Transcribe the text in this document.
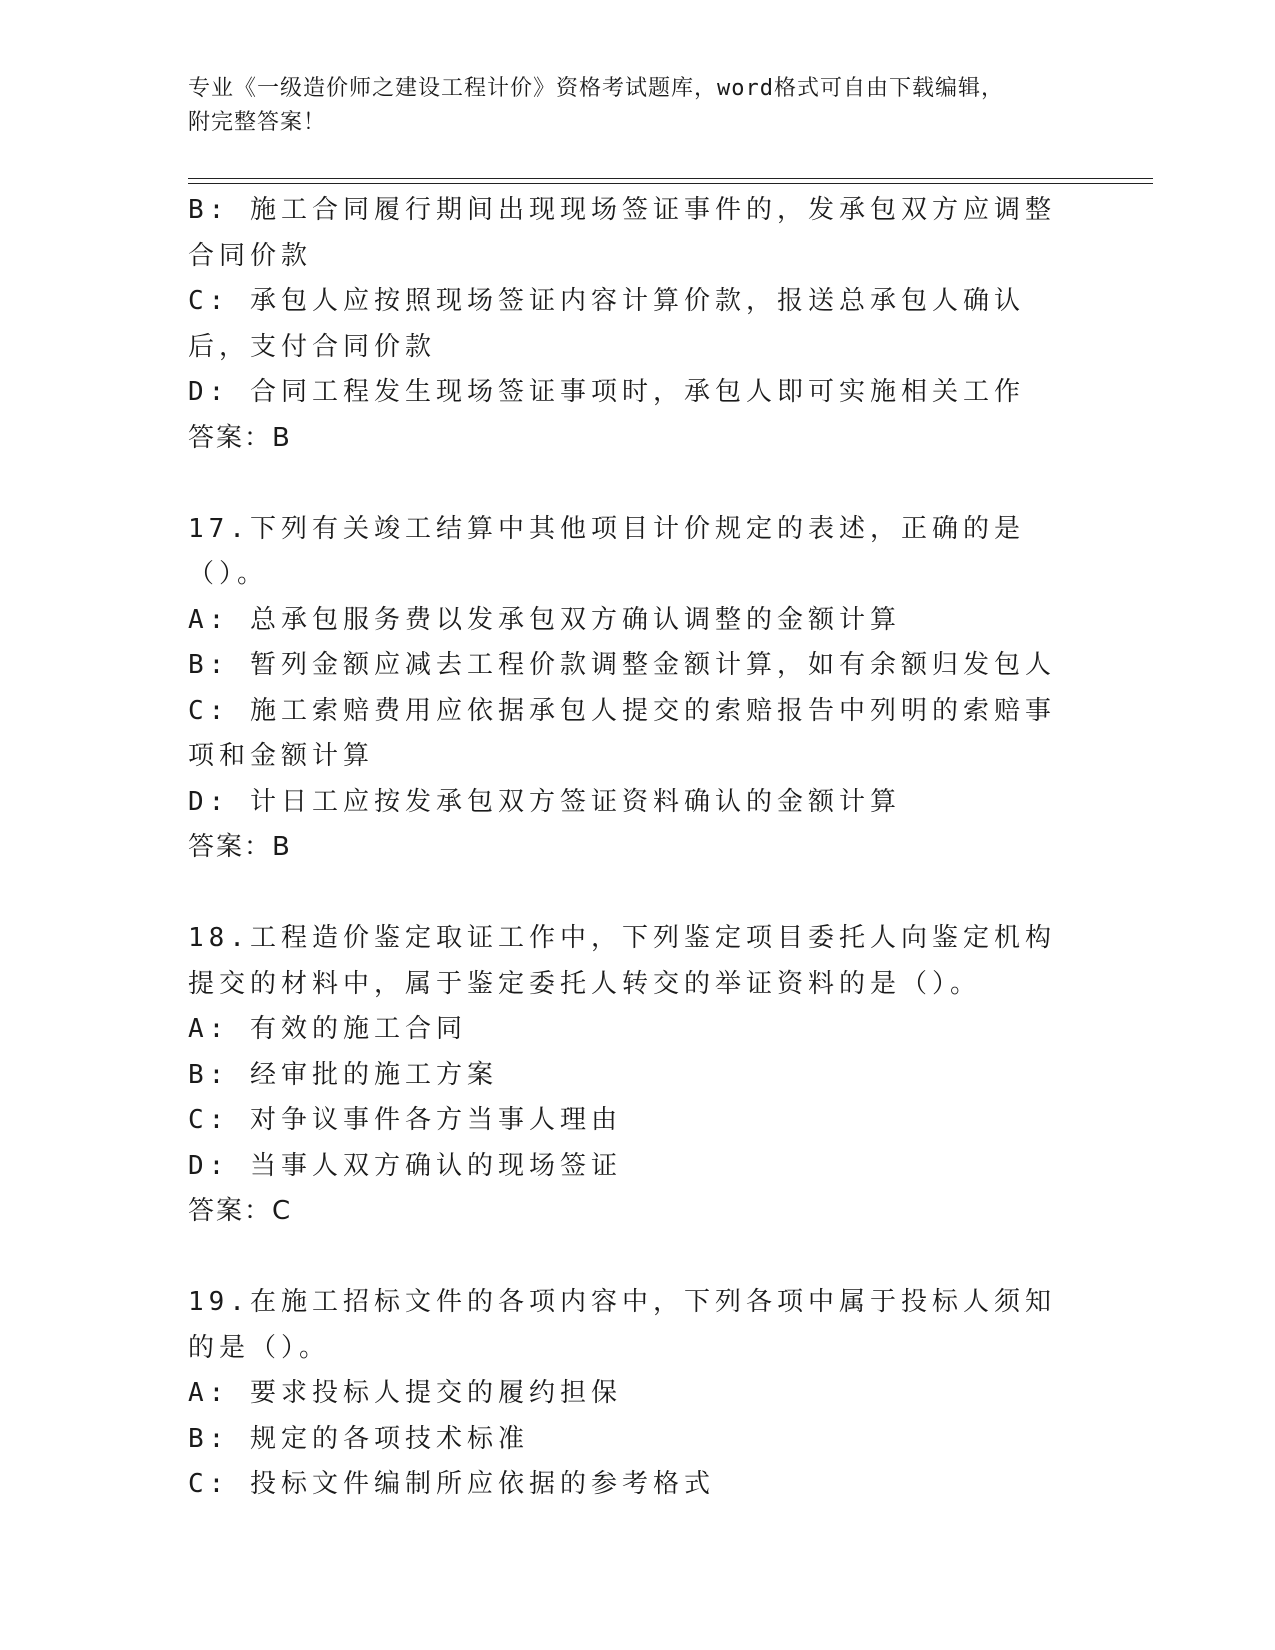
专业《一级造价师之建设工程计价》资格考试题库，word格式可自由下载编辑，
附完整答案！
B: 施工合同履行期间出现现场签证事件的，发承包双方应调整合同价款
C: 承包人应按照现场签证内容计算价款，报送总承包人确认后，支付合同价款
D: 合同工程发生现场签证事项时，承包人即可实施相关工作
答案：B
17.下列有关竣工结算中其他项目计价规定的表述，正确的是（）。
A: 总承包服务费以发承包双方确认调整的金额计算
B: 暂列金额应减去工程价款调整金额计算，如有余额归发包人
C: 施工索赔费用应依据承包人提交的索赔报告中列明的索赔事项和金额计算
D: 计日工应按发承包双方签证资料确认的金额计算
答案：B
18.工程造价鉴定取证工作中，下列鉴定项目委托人向鉴定机构提交的材料中，属于鉴定委托人转交的举证资料的是（）。
A: 有效的施工合同
B: 经审批的施工方案
C: 对争议事件各方当事人理由
D: 当事人双方确认的现场签证
答案：C
19.在施工招标文件的各项内容中，下列各项中属于投标人须知的是（）。
A: 要求投标人提交的履约担保
B: 规定的各项技术标准
C: 投标文件编制所应依据的参考格式
